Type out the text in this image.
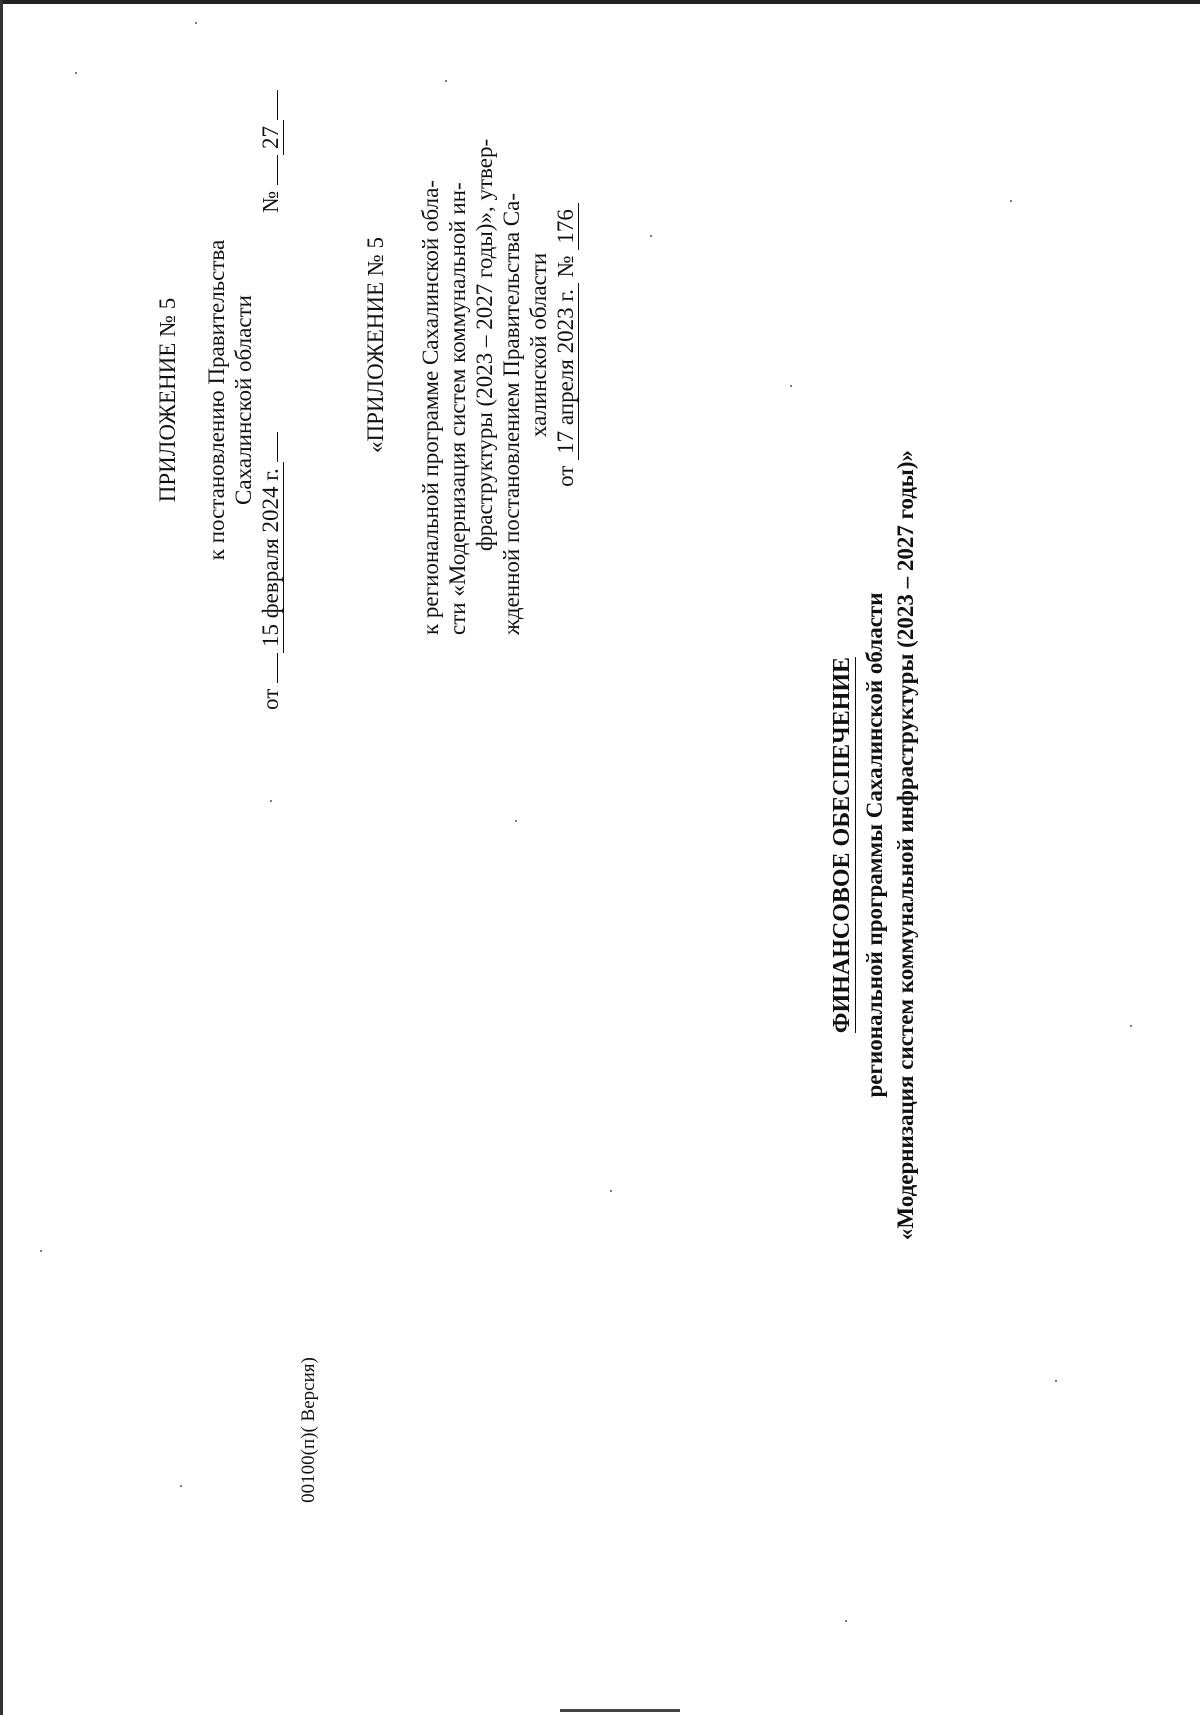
ПРИЛОЖЕНИЕ № 5 к постановлению Правительства Сахалинской области
от 15 февраля 2024 г.
№ 27
«ПРИЛОЖЕНИЕ № 5 к региональной программе Сахалинской обла- сти «Модернизация систем коммунальной ин- фраструктуры (2023 – 2027 годы)», утвер- жденной постановлением Правительства Са- халинской области
от 17 апреля 2023 г. № 176
ФИНАНСОВОЕ ОБЕСПЕЧЕНИЕ региональной программы Сахалинской области «Модернизация систем коммунальной инфраструктуры (2023 – 2027 годы)»
00100(п)( Версия)
